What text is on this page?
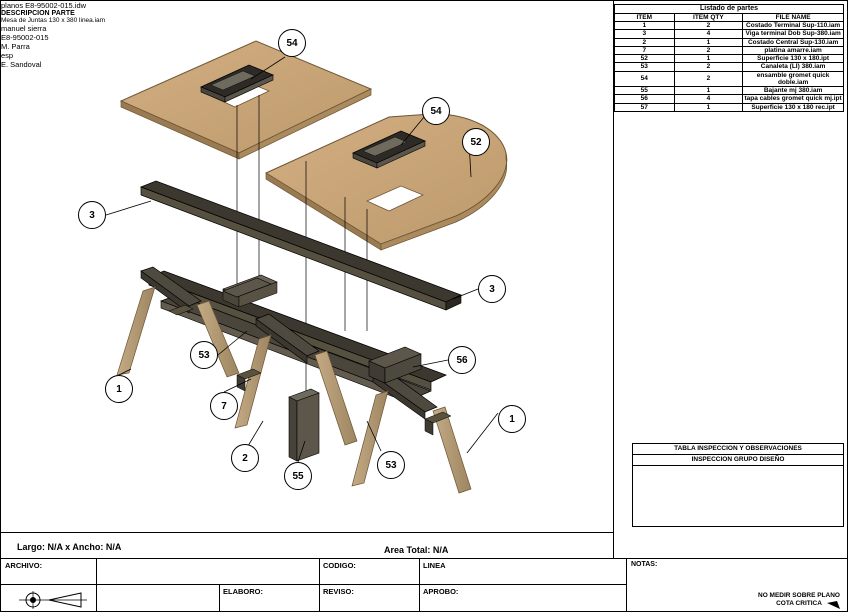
54
54
52
3
3
53	56
1
1
7
2
55
53
Largo: N/A x Ancho: N/A	Area Total: N/A
Listado de partes		
ITEM	ITEM QTY	FILE NAME
1	2	Costado Terminal Sup-110.iam
3	4	Viga terminal Dob Sup-380.iam
2	1	Costado Central Sup-130.iam
7	2	platina amarre.iam
52	1	Superficie 130 x 180.ipt
53	2	Canaleta (LI) 380.iam
54	2	ensamble gromet quick doble.iam
55	1	Bajante mj 380.iam
56	4	tapa cables gromet quick mj.ipt
57	1	Superficie 130 x 180 rec.ipt
TABLA INSPECCION Y OBSERVACIONES
INSPECCION GRUPO DISEÑO

ARCHIVO:
planos E8-95002-015.idw
DESCRIPCION PARTE
Mesa de Juntas 130 x 380 linea.iam
ELABORO:
manuel sierra
CODIGO:
E8-95002-015
REVISO:
M. Parra
LINEA
esp
APROBO:
E. Sandoval
NOTAS:
NO MEDIR SOBRE PLANO
COTA CRITICA
